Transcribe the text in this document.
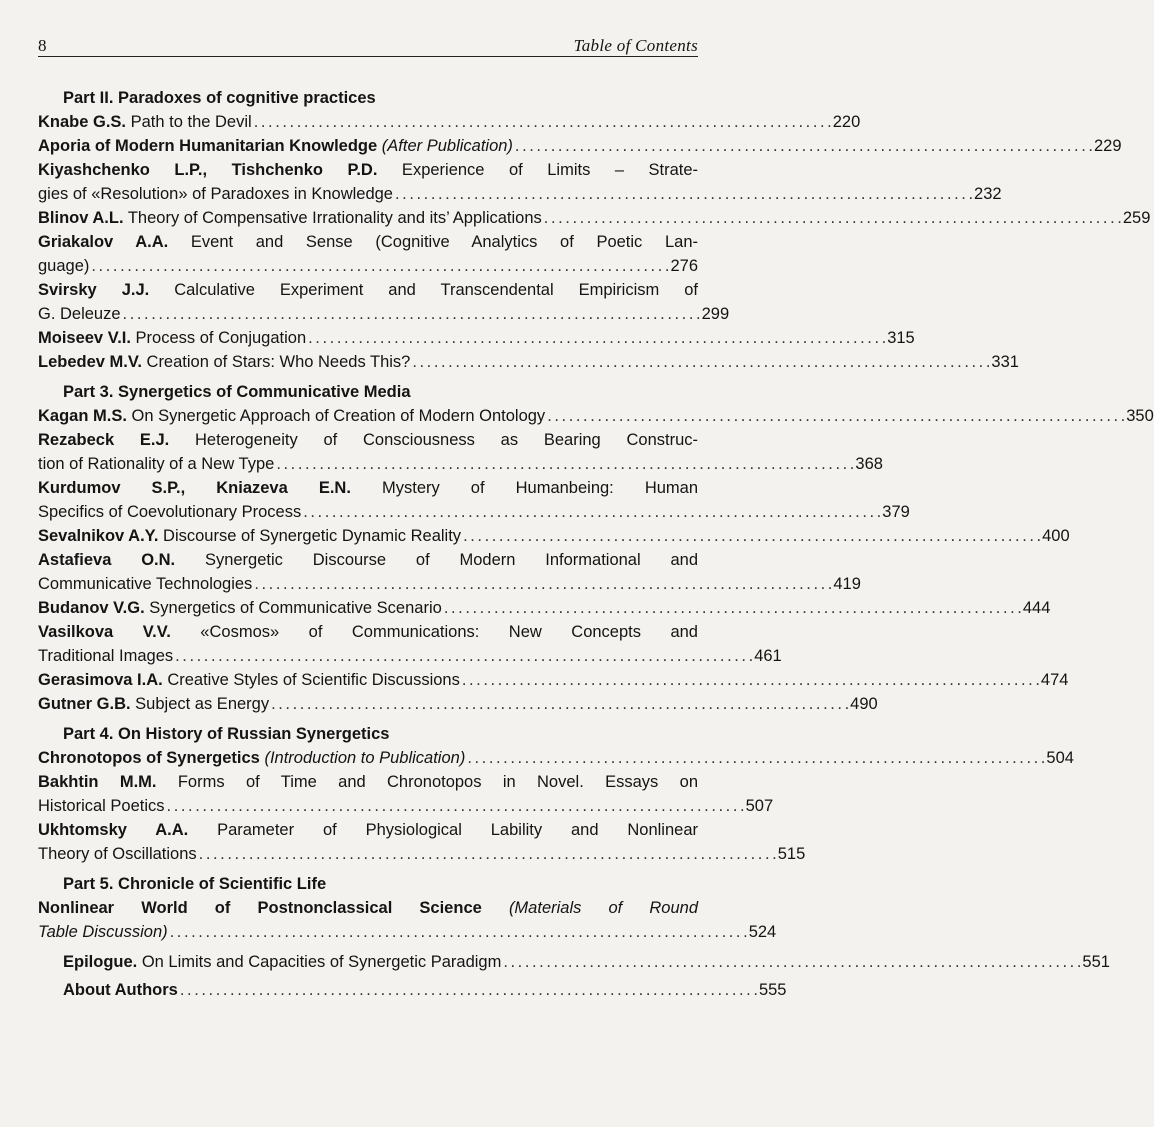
8	Table of Contents
Part II. Paradoxes of cognitive practices
Knabe G.S. Path to the Devil . . .	220
Aporia of Modern Humanitarian Knowledge (After Publication) . . .	229
Kiyashchenko L.P., Tishchenko P.D. Experience of Limits – Strate-
gies of «Resolution» of Paradoxes in Knowledge . . .	232
Blinov A.L. Theory of Compensative Irrationality and its’ Applications . . .	259
Griakalov A.A. Event and Sense (Cognitive Analytics of Poetic Lan-
guage) . . .	276
Svirsky J.J. Calculative Experiment and Transcendental Empiricism of
G. Deleuze . . .	299
Moiseev V.I. Process of Conjugation . . .	315
Lebedev M.V. Creation of Stars: Who Needs This? . . .	331
Part 3. Synergetics of Communicative Media
Kagan M.S. On Synergetic Approach of Creation of Modern Ontology . . .	350
Rezabeck E.J. Heterogeneity of Consciousness as Bearing Construc-
tion of Rationality of a New Type . . .	368
Kurdumov S.P., Kniazeva E.N. Mystery of Humanbeing: Human
Specifics of Coevolutionary Process . . .	379
Sevalnikov A.Y. Discourse of Synergetic Dynamic Reality . . .	400
Astafieva O.N. Synergetic Discourse of Modern Informational and
Communicative Technologies . . .	419
Budanov V.G. Synergetics of Communicative Scenario . . .	444
Vasilkova V.V. «Cosmos» of Communications: New Concepts and
Traditional Images . . .	461
Gerasimova I.A. Creative Styles of Scientific Discussions . . .	474
Gutner G.B. Subject as Energy . . .	490
Part 4. On History of Russian Synergetics
Chronotopos of Synergetics (Introduction to Publication) . . .	504
Bakhtin M.M. Forms of Time and Chronotopos in Novel. Essays on
Historical Poetics . . .	507
Ukhtomsky A.A. Parameter of Physiological Lability and Nonlinear
Theory of Oscillations . . .	515
Part 5. Chronicle of Scientific Life
Nonlinear World of Postnonclassical Science (Materials of Round
Table Discussion) . . .	524
Epilogue. On Limits and Capacities of Synergetic Paradigm . . .	551
About Authors . . .	555
